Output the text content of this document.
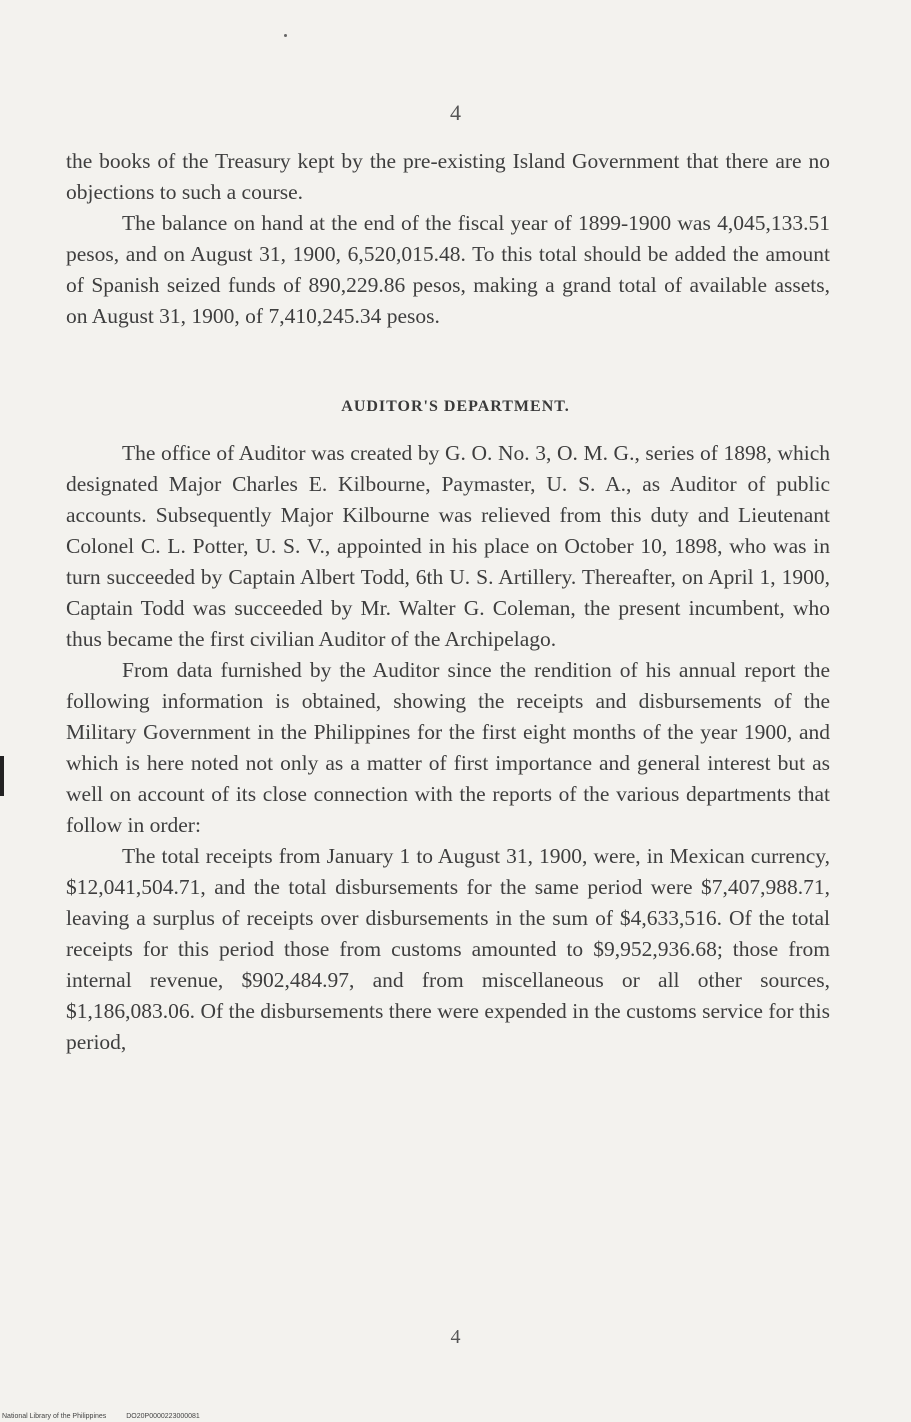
4

the books of the Treasury kept by the pre-existing Island Government that there are no objections to such a course.

The balance on hand at the end of the fiscal year of 1899-1900 was 4,045,133.51 pesos, and on August 31, 1900, 6,520,015.48. To this total should be added the amount of Spanish seized funds of 890,229.86 pesos, making a grand total of available assets, on August 31, 1900, of 7,410,245.34 pesos.

AUDITOR'S DEPARTMENT.

The office of Auditor was created by G. O. No. 3, O. M. G., series of 1898, which designated Major Charles E. Kilbourne, Paymaster, U. S. A., as Auditor of public accounts. Subsequently Major Kilbourne was relieved from this duty and Lieutenant Colonel C. L. Potter, U. S. V., appointed in his place on October 10, 1898, who was in turn succeeded by Captain Albert Todd, 6th U. S. Artillery. Thereafter, on April 1, 1900, Captain Todd was succeeded by Mr. Walter G. Coleman, the present incumbent, who thus became the first civilian Auditor of the Archipelago.

From data furnished by the Auditor since the rendition of his annual report the following information is obtained, showing the receipts and disbursements of the Military Government in the Philippines for the first eight months of the year 1900, and which is here noted not only as a matter of first importance and general interest but as well on account of its close connection with the reports of the various departments that follow in order:

The total receipts from January 1 to August 31, 1900, were, in Mexican currency, $12,041,504.71, and the total disbursements for the same period were $7,407,988.71, leaving a surplus of receipts over disbursements in the sum of $4,633,516. Of the total receipts for this period those from customs amounted to $9,952,936.68; those from internal revenue, $902,484.97, and from miscellaneous or all other sources, $1,186,083.06. Of the disbursements there were expended in the customs service for this period,

4
National Library of the Philippines	DO20P0000223000081
